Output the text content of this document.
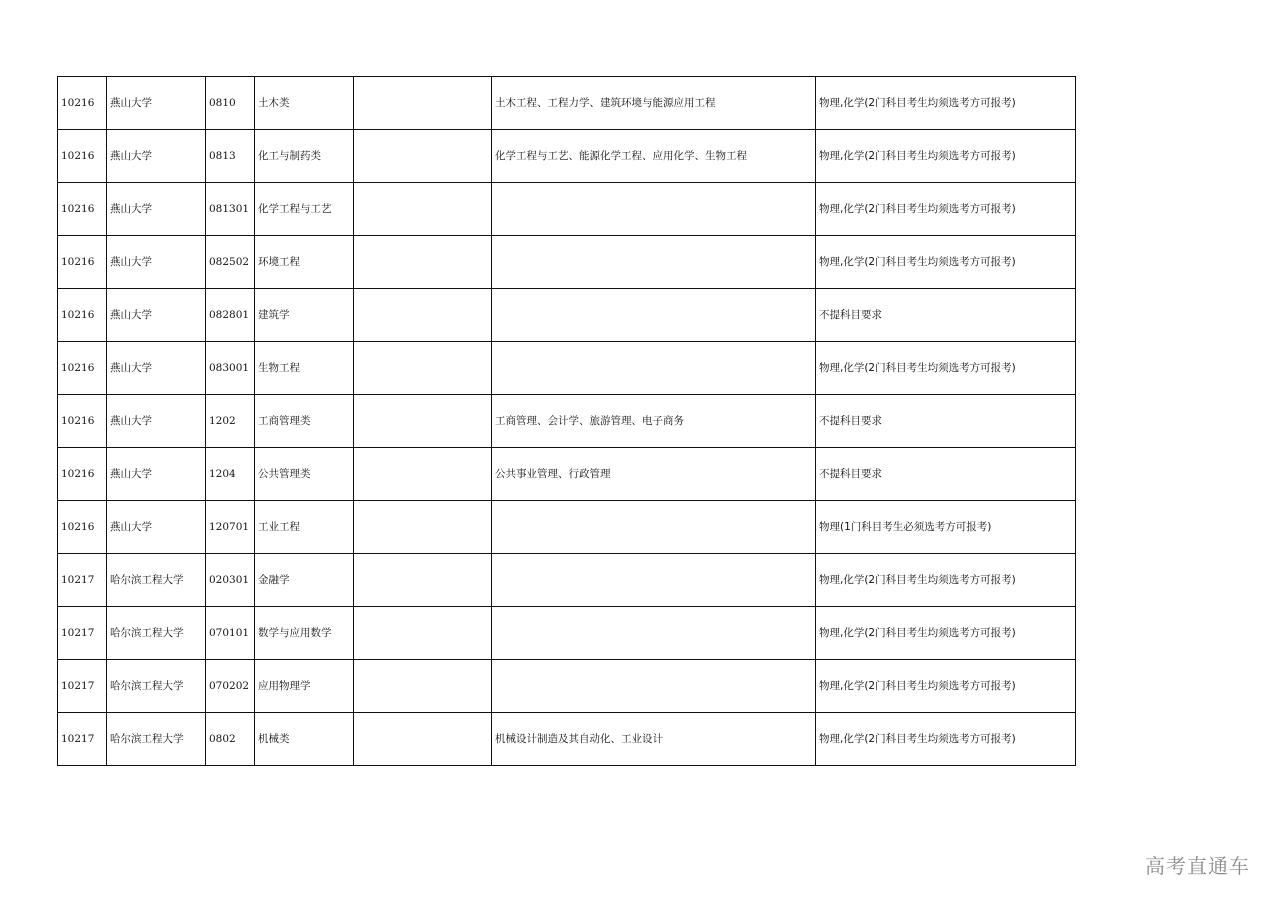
10216	燕山大学	0810	土木类		土木工程、工程力学、建筑环境与能源应用工程	物理,化学(2门科目考生均须选考方可报考)
10216	燕山大学	0813	化工与制药类		化学工程与工艺、能源化学工程、应用化学、生物工程	物理,化学(2门科目考生均须选考方可报考)
10216	燕山大学	081301	化学工程与工艺			物理,化学(2门科目考生均须选考方可报考)
10216	燕山大学	082502	环境工程			物理,化学(2门科目考生均须选考方可报考)
10216	燕山大学	082801	建筑学			不提科目要求
10216	燕山大学	083001	生物工程			物理,化学(2门科目考生均须选考方可报考)
10216	燕山大学	1202	工商管理类		工商管理、会计学、旅游管理、电子商务	不提科目要求
10216	燕山大学	1204	公共管理类		公共事业管理、行政管理	不提科目要求
10216	燕山大学	120701	工业工程			物理(1门科目考生必须选考方可报考)
10217	哈尔滨工程大学	020301	金融学			物理,化学(2门科目考生均须选考方可报考)
10217	哈尔滨工程大学	070101	数学与应用数学			物理,化学(2门科目考生均须选考方可报考)
10217	哈尔滨工程大学	070202	应用物理学			物理,化学(2门科目考生均须选考方可报考)
10217	哈尔滨工程大学	0802	机械类		机械设计制造及其自动化、工业设计	物理,化学(2门科目考生均须选考方可报考)
高考直通车
